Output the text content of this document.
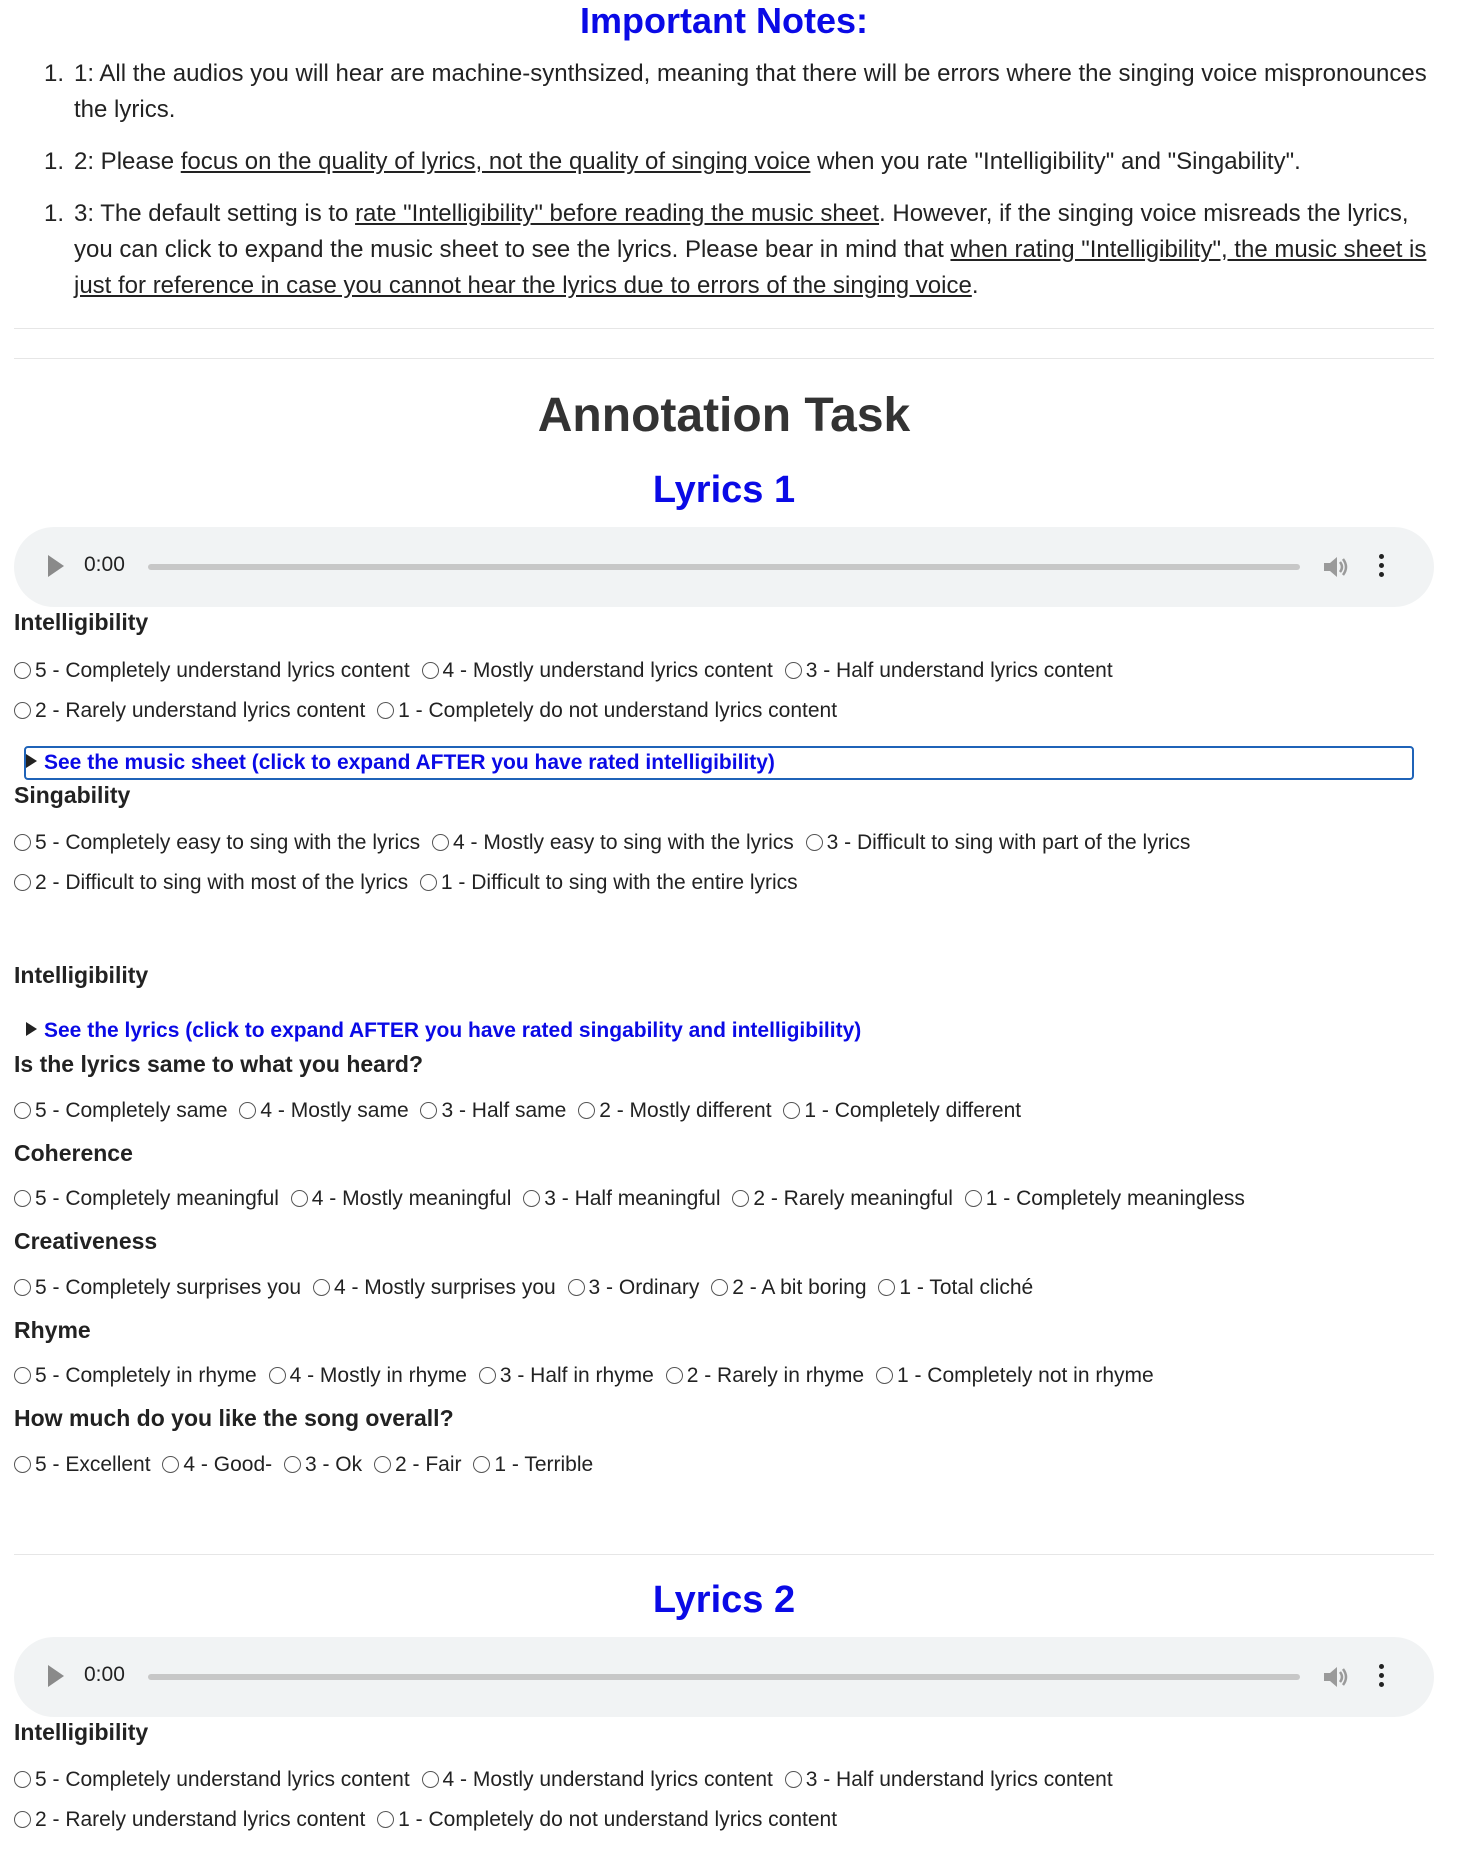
Important Notes:
1. 1: All the audios you will hear are machine-synthsized, meaning that there will be errors where the singing voice mispronounces the lyrics.
1. 2: Please focus on the quality of lyrics, not the quality of singing voice when you rate "Intelligibility" and "Singability".
1. 3: The default setting is to rate "Intelligibility" before reading the music sheet. However, if the singing voice misreads the lyrics, you can click to expand the music sheet to see the lyrics. Please bear in mind that when rating "Intelligibility", the music sheet is just for reference in case you cannot hear the lyrics due to errors of the singing voice.
Annotation Task
Lyrics 1
0:00
Intelligibility
5 - Completely understand lyrics content 4 - Mostly understand lyrics content 3 - Half understand lyrics content
2 - Rarely understand lyrics content 1 - Completely do not understand lyrics content
See the music sheet (click to expand AFTER you have rated intelligibility)
Singability
5 - Completely easy to sing with the lyrics 4 - Mostly easy to sing with the lyrics 3 - Difficult to sing with part of the lyrics
2 - Difficult to sing with most of the lyrics 1 - Difficult to sing with the entire lyrics
Intelligibility
See the lyrics (click to expand AFTER you have rated singability and intelligibility)
Is the lyrics same to what you heard?
5 - Completely same 4 - Mostly same 3 - Half same 2 - Mostly different 1 - Completely different
Coherence
5 - Completely meaningful 4 - Mostly meaningful 3 - Half meaningful 2 - Rarely meaningful 1 - Completely meaningless
Creativeness
5 - Completely surprises you 4 - Mostly surprises you 3 - Ordinary 2 - A bit boring 1 - Total cliché
Rhyme
5 - Completely in rhyme 4 - Mostly in rhyme 3 - Half in rhyme 2 - Rarely in rhyme 1 - Completely not in rhyme
How much do you like the song overall?
5 - Excellent 4 - Good- 3 - Ok 2 - Fair 1 - Terrible
Lyrics 2
0:00
Intelligibility
5 - Completely understand lyrics content 4 - Mostly understand lyrics content 3 - Half understand lyrics content
2 - Rarely understand lyrics content 1 - Completely do not understand lyrics content
